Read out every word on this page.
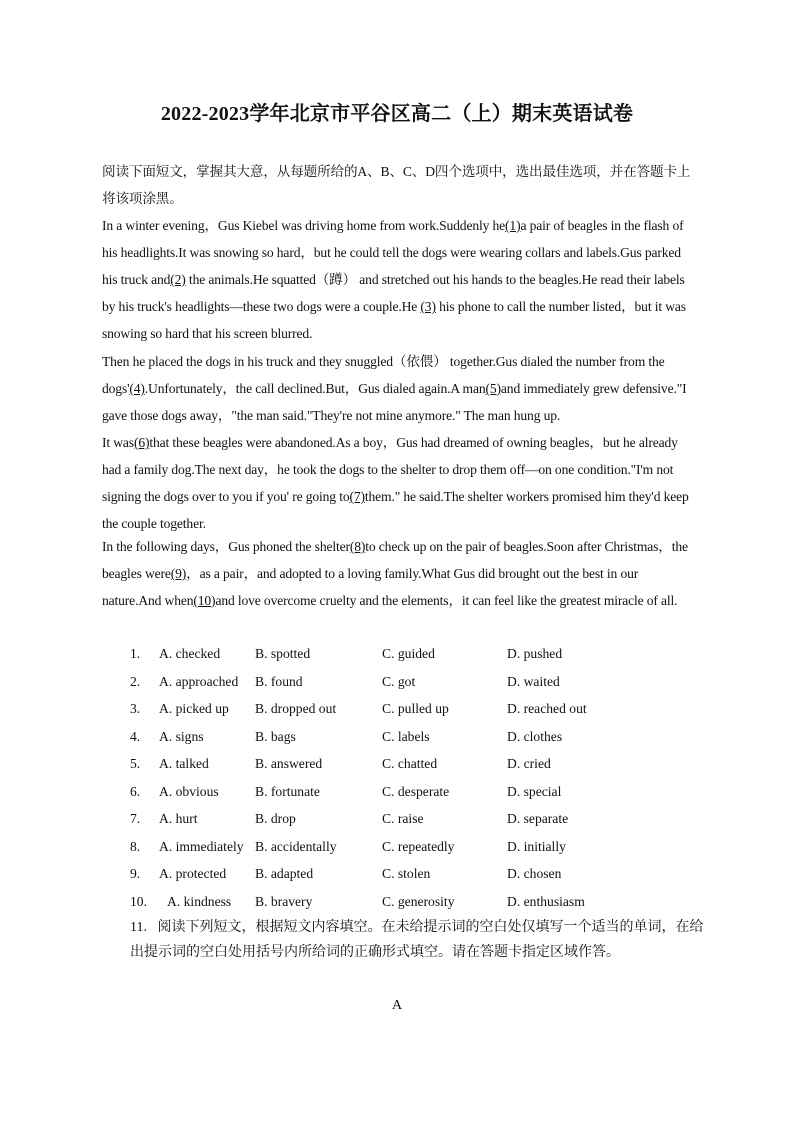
2022-2023学年北京市平谷区高二（上）期末英语试卷
阅读下面短文，掌握其大意，从每题所给的A、B、C、D四个选项中，选出最佳选项，并在答题卡上将该项涂黑。
In a winter evening，Gus Kiebel was driving home from work.Suddenly he(1)a pair of beagles in the flash of his headlights.It was snowing so hard，but he could tell the dogs were wearing collars and labels.Gus parked his truck and(2) the animals.He squatted（蹲） and stretched out his hands to the beagles.He read their labels by his truck's headlights—these two dogs were a couple.He (3) his phone to call the number listed，but it was snowing so hard that his screen blurred.
Then he placed the dogs in his truck and they snuggled（依偎） together.Gus dialed the number from the dogs'(4).Unfortunately，the call declined.But，Gus dialed again.A man(5)and immediately grew defensive."I gave those dogs away，"the man said."They're not mine anymore." The man hung up.
It was(6)that these beagles were abandoned.As a boy，Gus had dreamed of owning beagles，but he already had a family dog.The next day，he took the dogs to the shelter to drop them off—on one condition."I'm not signing the dogs over to you if you' re going to(7)them." he said.The shelter workers promised him they'd keep the couple together.
In the following days，Gus phoned the shelter(8)to check up on the pair of beagles.Soon after Christmas，the beagles were(9)，as a pair，and adopted to a loving family.What Gus did brought out the best in our nature.And when(10)and love overcome cruelty and the elements，it can feel like the greatest miracle of all.
1. A. checked	B. spotted	C. guided	D. pushed
2. A. approached B. found	C. got	D. waited
3. A. picked up B. dropped out	C. pulled up	D. reached out
4. A. signs	B. bags	C. labels	D. clothes
5. A. talked	B. answered	C. chatted	D. cried
6. A. obvious	B. fortunate	C. desperate	D. special
7. A. hurt	B. drop	C. raise	D. separate
8. A. immediately B. accidentally	C. repeatedly	D. initially
9. A. protected B. adapted	C. stolen	D. chosen
10. A. kindness B. bravery	C. generosity	D. enthusiasm
11. 阅读下列短文，根据短文内容填空。在未给提示词的空白处仅填写一个适当的单词，在给出提示词的空白处用括号内所给词的正确形式填空。请在答题卡指定区域作答。
A
